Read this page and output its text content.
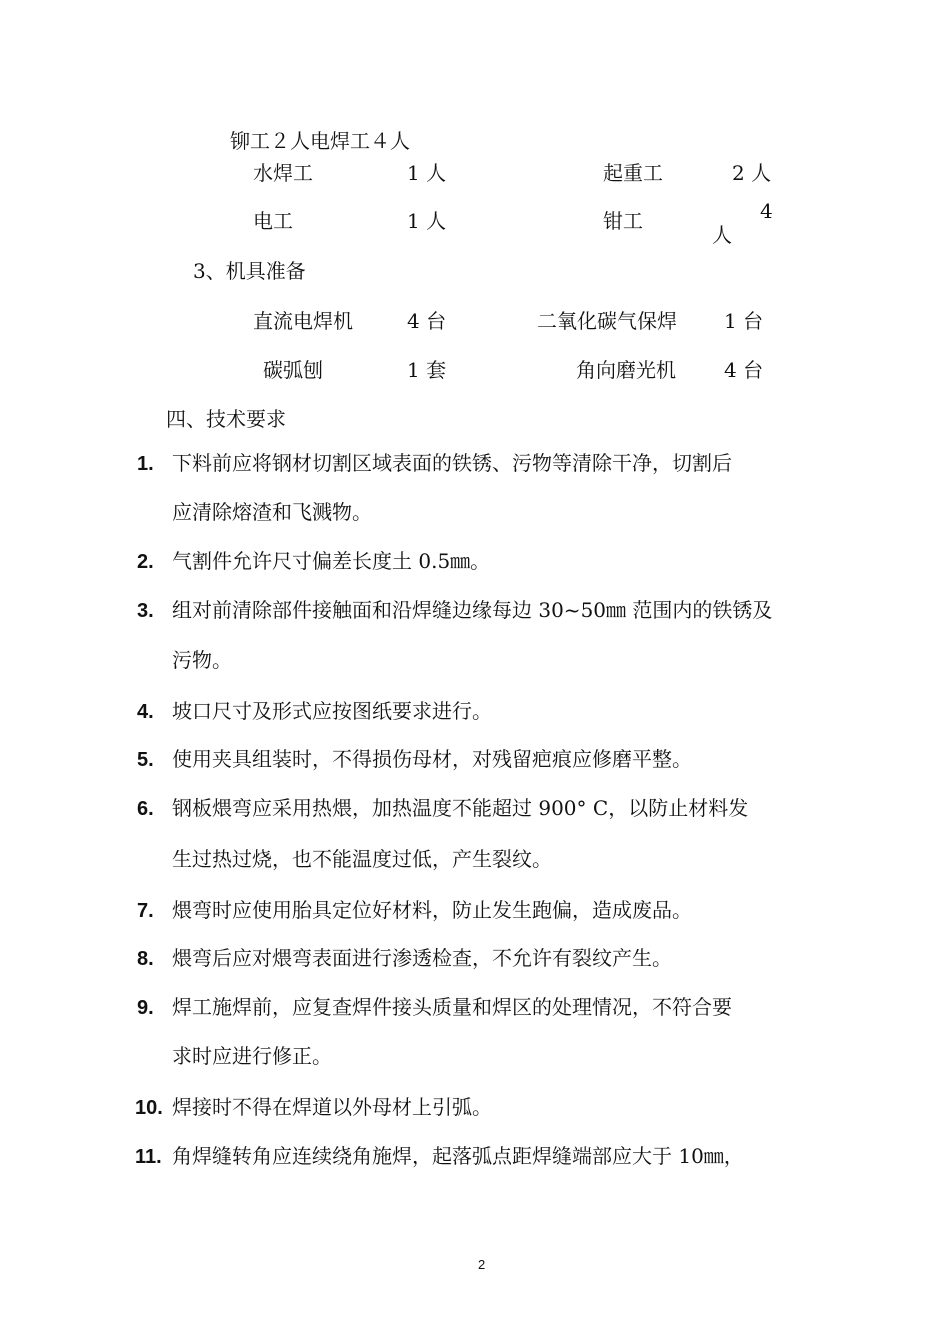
铆工２人电焊工４人
水焊工	1 人	起重工	2 人
电工	1 人	钳工	4
人
3、机具准备
直流电焊机	4 台	二氧化碳气保焊 1 台
碳弧刨	1 套	角向磨光机 4 台
四、技术要求
1. 下料前应将钢材切割区域表面的铁锈、污物等清除干净，切割后
应清除熔渣和飞溅物。
2. 气割件允许尺寸偏差长度土 0.5㎜。
3. 组对前清除部件接触面和沿焊缝边缘每边 30~50㎜ 范围内的铁锈及
污物。
4. 坡口尺寸及形式应按图纸要求进行。
5. 使用夹具组装时，不得损伤母材，对残留疤痕应修磨平整。
6. 钢板煨弯应采用热煨，加热温度不能超过 900° C，以防止材料发
生过热过烧，也不能温度过低，产生裂纹。
7. 煨弯时应使用胎具定位好材料，防止发生跑偏，造成废品。
8. 煨弯后应对煨弯表面进行渗透检查，不允许有裂纹产生。
9. 焊工施焊前，应复查焊件接头质量和焊区的处理情况，不符合要
求时应进行修正。
10. 焊接时不得在焊道以外母材上引弧。
11. 角焊缝转角应连续绕角施焊，起落弧点距焊缝端部应大于 10㎜，
2
